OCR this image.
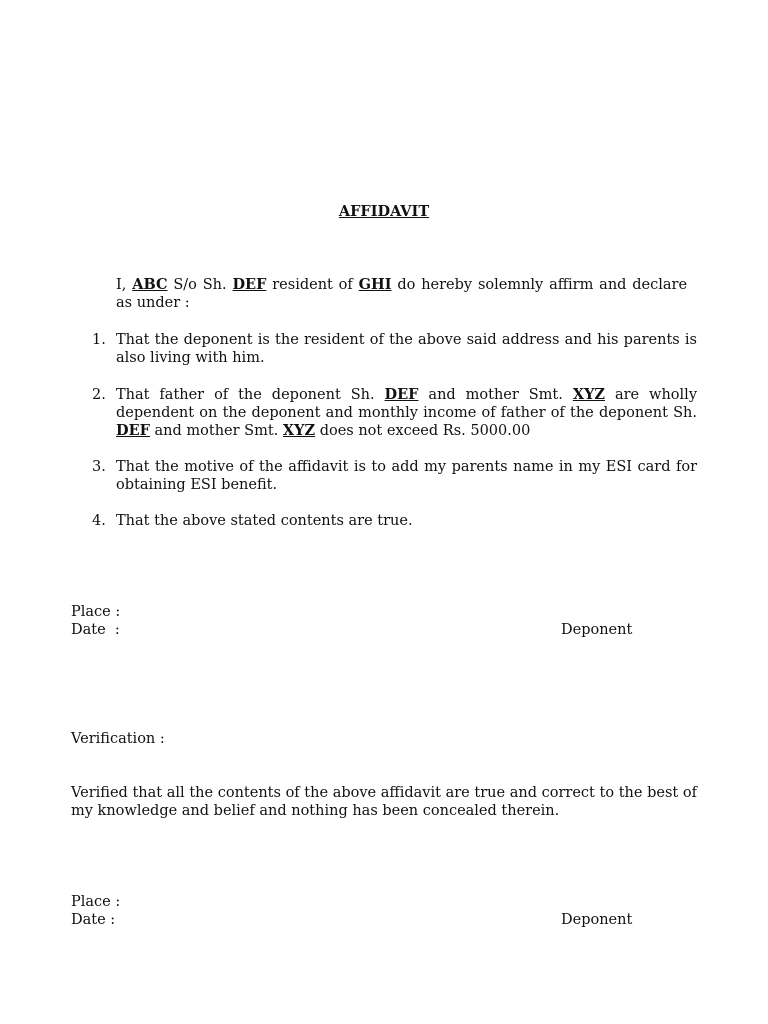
AFFIDAVIT
I, ABC S/o Sh. DEF resident of GHI do hereby solemnly affirm and declare as under :
1. That the deponent is the resident of the above said address and his parents is also living with him.
2. That father of the deponent Sh. DEF and mother Smt. XYZ are wholly dependent on the deponent and monthly income of father of the deponent Sh. DEF and mother Smt. XYZ does not exceed Rs. 5000.00
3. That the motive of the affidavit is to add my parents name in my ESI card for obtaining ESI benefit.
4. That the above stated contents are true.
Place :
Date  :	Deponent
Verification :
Verified that all the contents of the above affidavit are true and correct to the best of my knowledge and belief and nothing has been concealed therein.
Place :
Date :	Deponent
